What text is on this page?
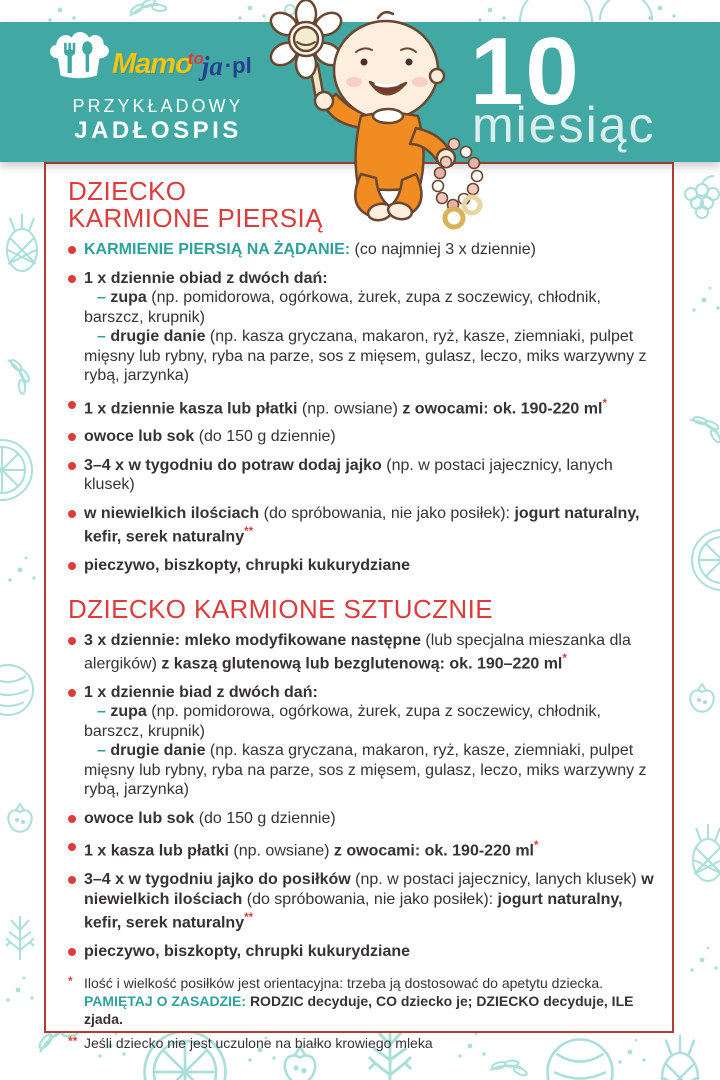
DZIECKO
KARMIONE PIERSIĄ
KARMIENIE PIERSIĄ NA ŻĄDANIE: (co najmniej 3 x dziennie)
1 x dziennie obiad z dwóch dań:
– zupa (np. pomidorowa, ogórkowa, żurek, zupa z soczewicy, chłodnik, barszcz, krupnik)
– drugie danie (np. kasza gryczana, makaron, ryż, kasze, ziemniaki, pulpet mięsny lub rybny, ryba na parze, sos z mięsem, gulasz, leczo, miks warzywny z rybą, jarzynka)
1 x dziennie kasza lub płatki (np. owsiane) z owocami: ok. 190-220 ml*
owoce lub sok (do 150 g dziennie)
3–4 x w tygodniu do potraw dodaj jajko (np. w postaci jajecznicy, lanych klusek)
w niewielkich ilościach (do spróbowania, nie jako posiłek): jogurt naturalny, kefir, serek naturalny**
pieczywo, biszkopty, chrupki kukurydziane
DZIECKO KARMIONE SZTUCZNIE
3 x dziennie: mleko modyfikowane następne (lub specjalna mieszanka dla alergików) z kaszą glutenową lub bezglutenową: ok. 190–220 ml*
1 x dziennie biad z dwóch dań:
– zupa (np. pomidorowa, ogórkowa, żurek, zupa z soczewicy, chłodnik, barszcz, krupnik)
– drugie danie (np. kasza gryczana, makaron, ryż, kasze, ziemniaki, pulpet mięsny lub rybny, ryba na parze, sos z mięsem, gulasz, leczo, miks warzywny z rybą, jarzynka)
owoce lub sok (do 150 g dziennie)
1 x kasza lub płatki (np. owsiane) z owocami: ok. 190-220 ml*
3–4 x w tygodniu jajko do posiłków (np. w postaci jajecznicy, lanych klusek) w niewielkich ilościach (do spróbowania, nie jako posiłek): jogurt naturalny, kefir, serek naturalny**
pieczywo, biszkopty, chrupki kukurydziane
* Ilość i wielkość posiłków jest orientacyjna: trzeba ją dostosować do apetytu dziecka.
PAMIĘTAJ O ZASADZIE: RODZIC decyduje, CO dziecko je; DZIECKO decyduje, ILE zjada.
** Jeśli dziecko nie jest uczulone na białko krowiego mleka
Mamotoja·pl
PRZYKŁADOWY
JADŁOSPIS
10
miesiąc
